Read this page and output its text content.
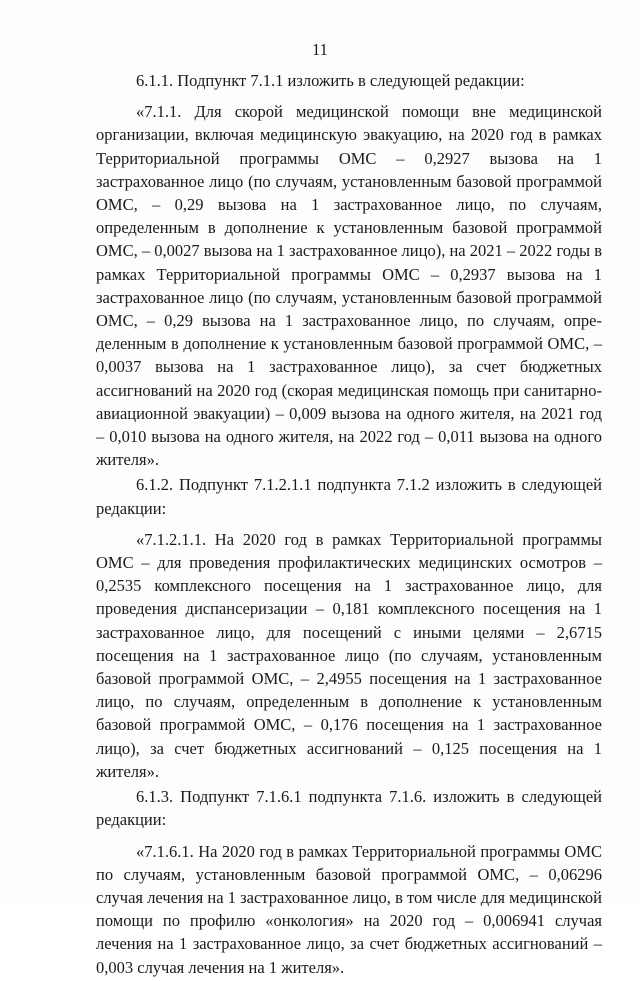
11

6.1.1. Подпункт 7.1.1 изложить в следующей редакции:

«7.1.1. Для скорой медицинской помощи вне медицинской организации, включая медицинскую эвакуацию, на 2020 год в рамках Территориальной программы ОМС – 0,2927 вызова на 1 застрахованное лицо (по случаям, установленным базовой программой ОМС, – 0,29 вызова на 1 застрахованное лицо, по случаям, определенным в дополнение к установленным базовой программой ОМС, – 0,0027 вызова на 1 застрахованное лицо), на 2021 – 2022 годы в рамках Территориальной программы ОМС – 0,2937 вызова на 1 застрахованное лицо (по случаям, установленным базовой программой ОМС, – 0,29 вызова на 1 застрахованное лицо, по случаям, определенным в дополнение к установленным базовой программой ОМС, – 0,0037 вызова на 1 застрахованное лицо), за счет бюджетных ассигнований на 2020 год (скорая медицинская помощь при санитарно-авиационной эвакуации) – 0,009 вызова на одного жителя, на 2021 год – 0,010 вызова на одного жителя, на 2022 год – 0,011 вызова на одного жителя».

6.1.2. Подпункт 7.1.2.1.1 подпункта 7.1.2 изложить в следующей редакции:

«7.1.2.1.1. На 2020 год в рамках Территориальной программы ОМС – для проведения профилактических медицинских осмотров – 0,2535 комплексного посещения на 1 застрахованное лицо, для проведения диспансеризации – 0,181 комплексного посещения на 1 застрахованное лицо, для посещений с иными целями – 2,6715 посещения на 1 застрахованное лицо (по случаям, установленным базовой программой ОМС, – 2,4955 посещения на 1 застрахованное лицо, по случаям, определенным в дополнение к установленным базовой программой ОМС, – 0,176 посещения на 1 застрахованное лицо), за счет бюджетных ассигнований – 0,125 посещения на 1 жителя».

6.1.3. Подпункт 7.1.6.1 подпункта 7.1.6. изложить в следующей редакции:

«7.1.6.1. На 2020 год в рамках Территориальной программы ОМС по случаям, установленным базовой программой ОМС, – 0,06296 случая лечения на 1 застрахованное лицо, в том числе для медицинской помощи по профилю «онкология» на 2020 год – 0,006941 случая лечения на 1 застрахованное лицо, за счет бюджетных ассигнований – 0,003 случая лечения на 1 жителя».
